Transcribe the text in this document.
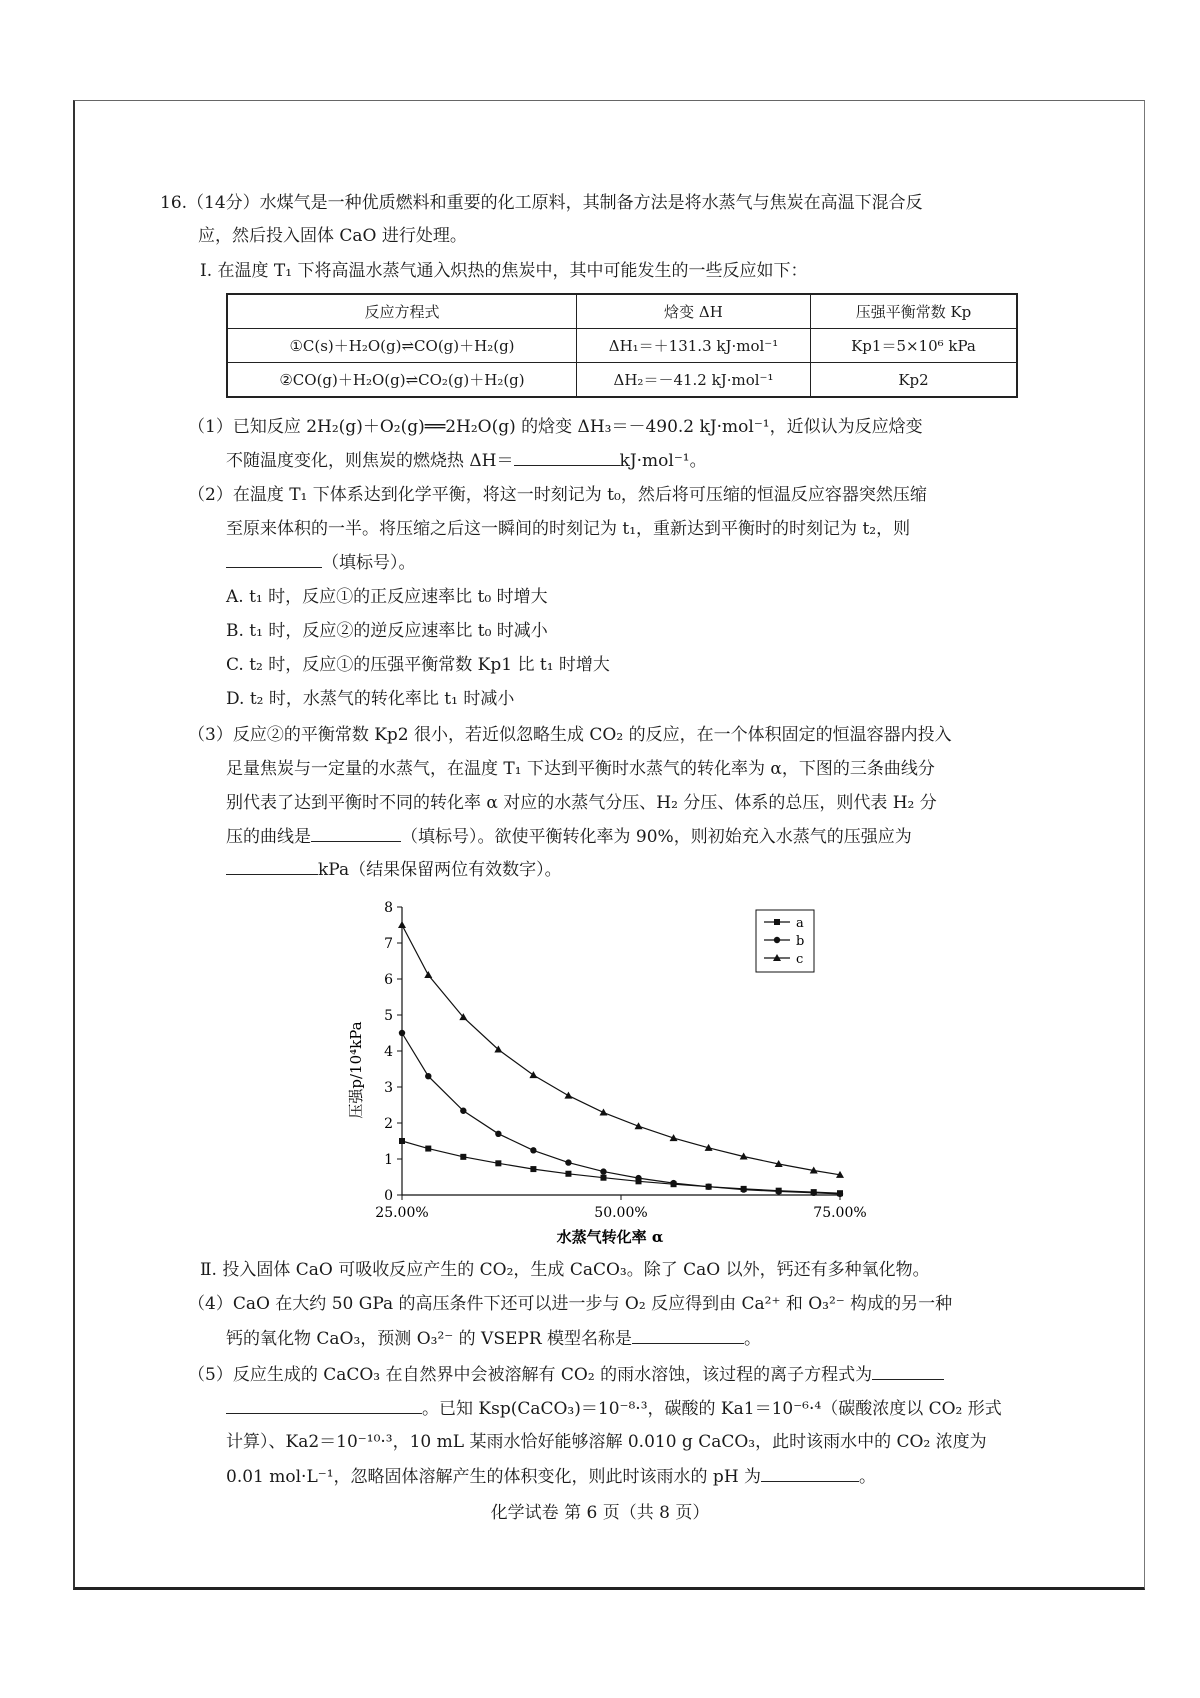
16.（14分）水煤气是一种优质燃料和重要的化工原料，其制备方法是将水蒸气与焦炭在高温下混合反
应，然后投入固体 CaO 进行处理。
Ⅰ. 在温度 T₁ 下将高温水蒸气通入炽热的焦炭中，其中可能发生的一些反应如下：
反应方程式	焓变 ΔH	压强平衡常数 Kp
①C(s)＋H₂O(g)⇌CO(g)＋H₂(g)	ΔH₁＝＋131.3 kJ·mol⁻¹	Kp1＝5×10⁶ kPa
②CO(g)＋H₂O(g)⇌CO₂(g)＋H₂(g)	ΔH₂＝－41.2 kJ·mol⁻¹	Kp2
（1）已知反应 2H₂(g)＋O₂(g)══2H₂O(g) 的焓变 ΔH₃＝－490.2 kJ·mol⁻¹，近似认为反应焓变
不随温度变化，则焦炭的燃烧热 ΔH＝	kJ·mol⁻¹。
（2）在温度 T₁ 下体系达到化学平衡，将这一时刻记为 t₀，然后将可压缩的恒温反应容器突然压缩
至原来体积的一半。将压缩之后这一瞬间的时刻记为 t₁，重新达到平衡时的时刻记为 t₂，则
（填标号）。
A. t₁ 时，反应①的正反应速率比 t₀ 时增大
B. t₁ 时，反应②的逆反应速率比 t₀ 时减小
C. t₂ 时，反应①的压强平衡常数 Kp1 比 t₁ 时增大
D. t₂ 时，水蒸气的转化率比 t₁ 时减小
（3）反应②的平衡常数 Kp2 很小，若近似忽略生成 CO₂ 的反应，在一个体积固定的恒温容器内投入
足量焦炭与一定量的水蒸气，在温度 T₁ 下达到平衡时水蒸气的转化率为 α，下图的三条曲线分
别代表了达到平衡时不同的转化率 α 对应的水蒸气分压、H₂ 分压、体系的总压，则代表 H₂ 分
压的曲线是	（填标号）。欲使平衡转化率为 90%，则初始充入水蒸气的压强应为
kPa（结果保留两位有效数字）。
0
1
2
3
4
5
6
7
8
25.00%	50.00%	75.00%
a
b
c
压强p/10⁴kPa
水蒸气转化率 α
Ⅱ. 投入固体 CaO 可吸收反应产生的 CO₂，生成 CaCO₃。除了 CaO 以外，钙还有多种氧化物。
（4）CaO 在大约 50 GPa 的高压条件下还可以进一步与 O₂ 反应得到由 Ca²⁺ 和 O₃²⁻ 构成的另一种
钙的氧化物 CaO₃，预测 O₃²⁻ 的 VSEPR 模型名称是	。
（5）反应生成的 CaCO₃ 在自然界中会被溶解有 CO₂ 的雨水溶蚀，该过程的离子方程式为
。已知 Ksp(CaCO₃)＝10⁻⁸·³，碳酸的 Ka1＝10⁻⁶·⁴（碳酸浓度以 CO₂ 形式
计算）、Ka2＝10⁻¹⁰·³，10 mL 某雨水恰好能够溶解 0.010 g CaCO₃，此时该雨水中的 CO₂ 浓度为
0.01 mol·L⁻¹，忽略固体溶解产生的体积变化，则此时该雨水的 pH 为	。
化学试卷 第 6 页（共 8 页）
